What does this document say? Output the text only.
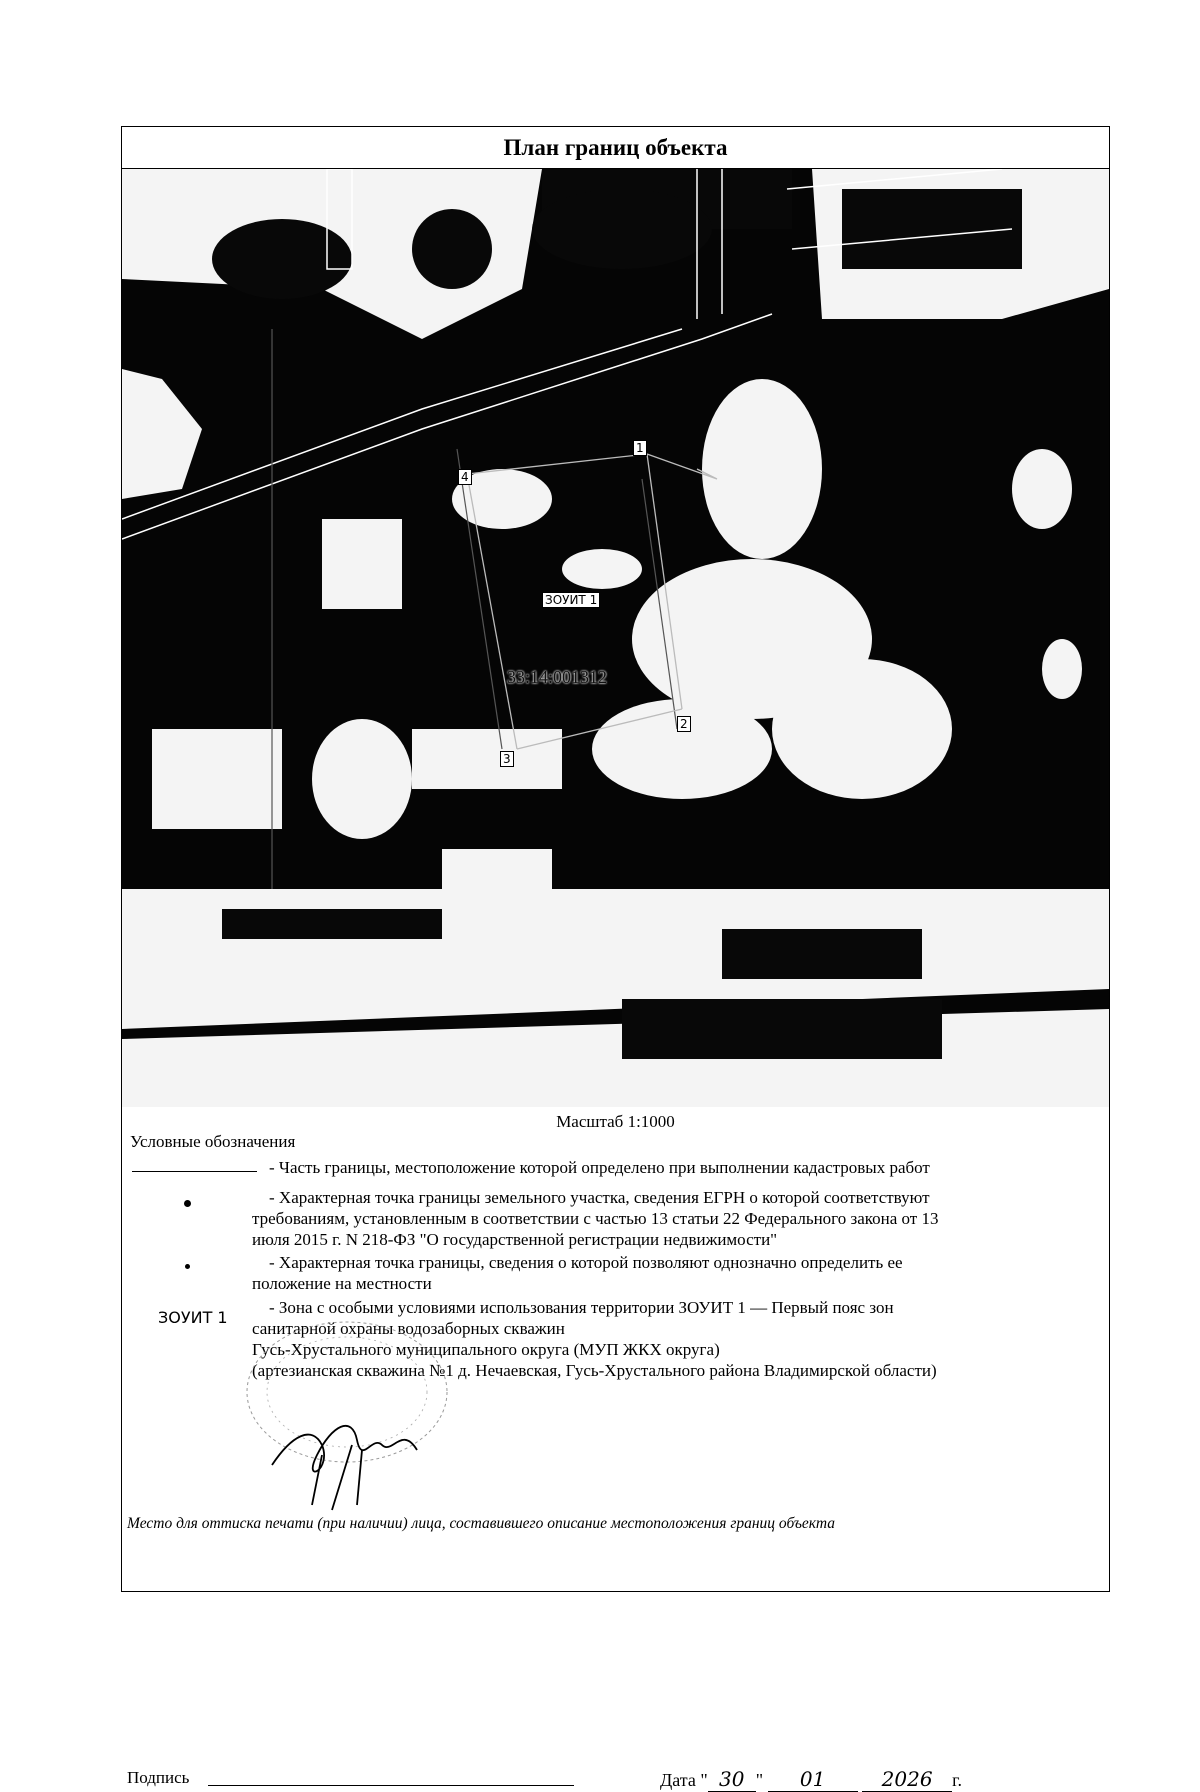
План границ объекта
1
2
3
4
ЗОУИТ 1
33:14:001312
Масштаб 1:1000
Условные обозначения
- Часть границы, местоположение которой определено при выполнении кадастровых работ
- Характерная точка границы земельного участка, сведения ЕГРН о которой соответствуют
требованиям, установленным в соответствии с частью 13 статьи 22 Федерального закона от 13
июля 2015 г. N 218-ФЗ "О государственной регистрации недвижимости"
- Характерная точка границы, сведения о которой позволяют однозначно определить ее
положение на местности
ЗОУИТ 1
- Зона с особыми условиями использования территории ЗОУИТ 1 — Первый пояс зон
санитарной охраны водозаборных скважин
Гусь-Хрустального муниципального округа (МУП ЖКХ округа)
(артезианская скважина №1 д. Нечаевская, Гусь-Хрустального района Владимирской области)
Подпись	Дата " 30 " 01	2026 г.
Место для оттиска печати (при наличии) лица, составившего описание местоположения границ объекта
